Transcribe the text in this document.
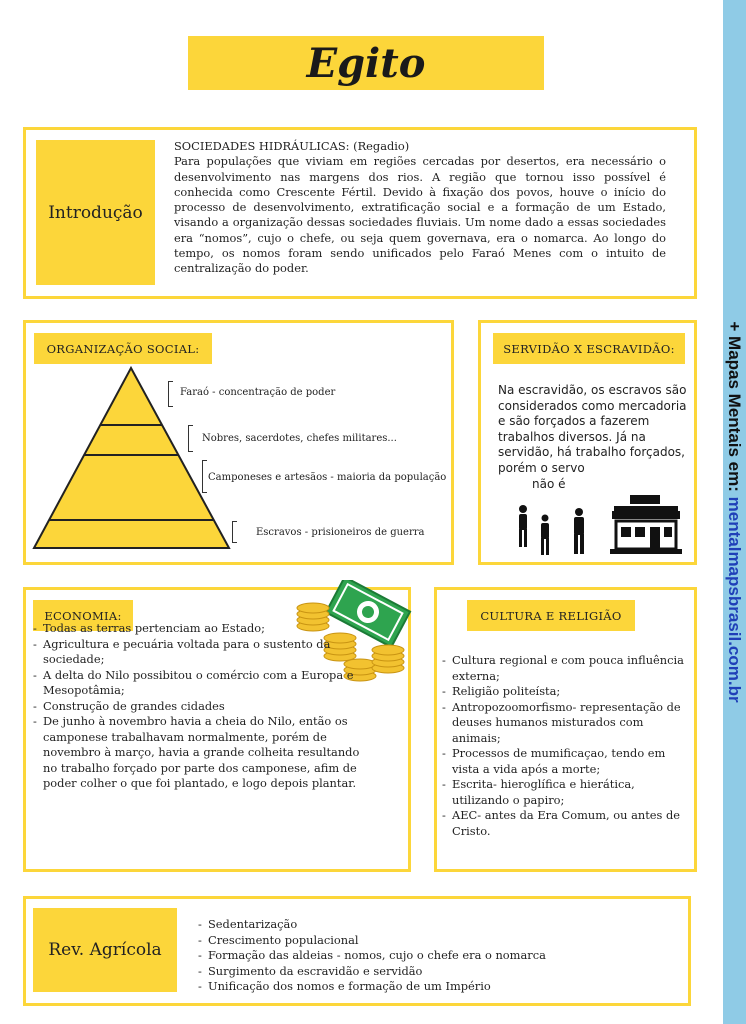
+ Mapas Mentais em: mentalmapsbrasil.com.br
Egito
Introdução
SOCIEDADES HIDRÁULICAS: (Regadio)
Para populações que viviam em regiões cercadas por desertos, era necessário o desenvolvimento nas margens dos rios. A região que tornou isso possível é conhecida como Crescente Fértil. Devido à fixação dos povos, houve o início do processo de desenvolvimento, extratificação social e a formação de um Estado, visando a organização dessas sociedades fluviais. Um nome dado a essas sociedades era “nomos”, cujo o chefe, ou seja quem governava, era o nomarca. Ao longo do tempo, os nomos foram sendo unificados pelo Faraó Menes com o intuito de centralização do poder.
ORGANIZAÇÃO SOCIAL:
Faraó - concentração de poder
Nobres, sacerdotes, chefes militares...
Camponeses e artesãos - maioria da população
Escravos - prisioneiros de guerra
SERVIDÃO X ESCRAVIDÃO:
Na escravidão, os escravos são considerados como mercadoria e são forçados a fazerem trabalhos diversos. Já na servidão, há trabalho forçados, porém o servo
não é
ECONOMIA:
- Todas as terras pertenciam ao Estado;
- Agricultura e pecuária voltada para o sustento da sociedade;
- A delta do Nilo possibitou o comércio com a Europa e Mesopotâmia;
- Construção de grandes cidades
- De junho à novembro havia a cheia do Nilo, então os camponese trabalhavam normalmente, porém de novembro à março, havia a grande colheita resultando no trabalho forçado por parte dos camponese, afim de poder colher o que foi plantado, e logo depois plantar.
CULTURA E RELIGIÃO
- Cultura regional e com pouca influência externa;
- Religião politeísta;
- Antropozoomorfismo- representação de deuses humanos misturados com animais;
- Processos de mumificaçao, tendo em vista a vida após a morte;
- Escrita- hieroglífica e hierática, utilizando o papiro;
- AEC- antes da Era Comum, ou antes de Cristo.
Rev. Agrícola
- Sedentarização
- Crescimento populacional
- Formação das aldeias - nomos, cujo o chefe era o nomarca
- Surgimento da escravidão e servidão
- Unificação dos nomos e formação de um Império
